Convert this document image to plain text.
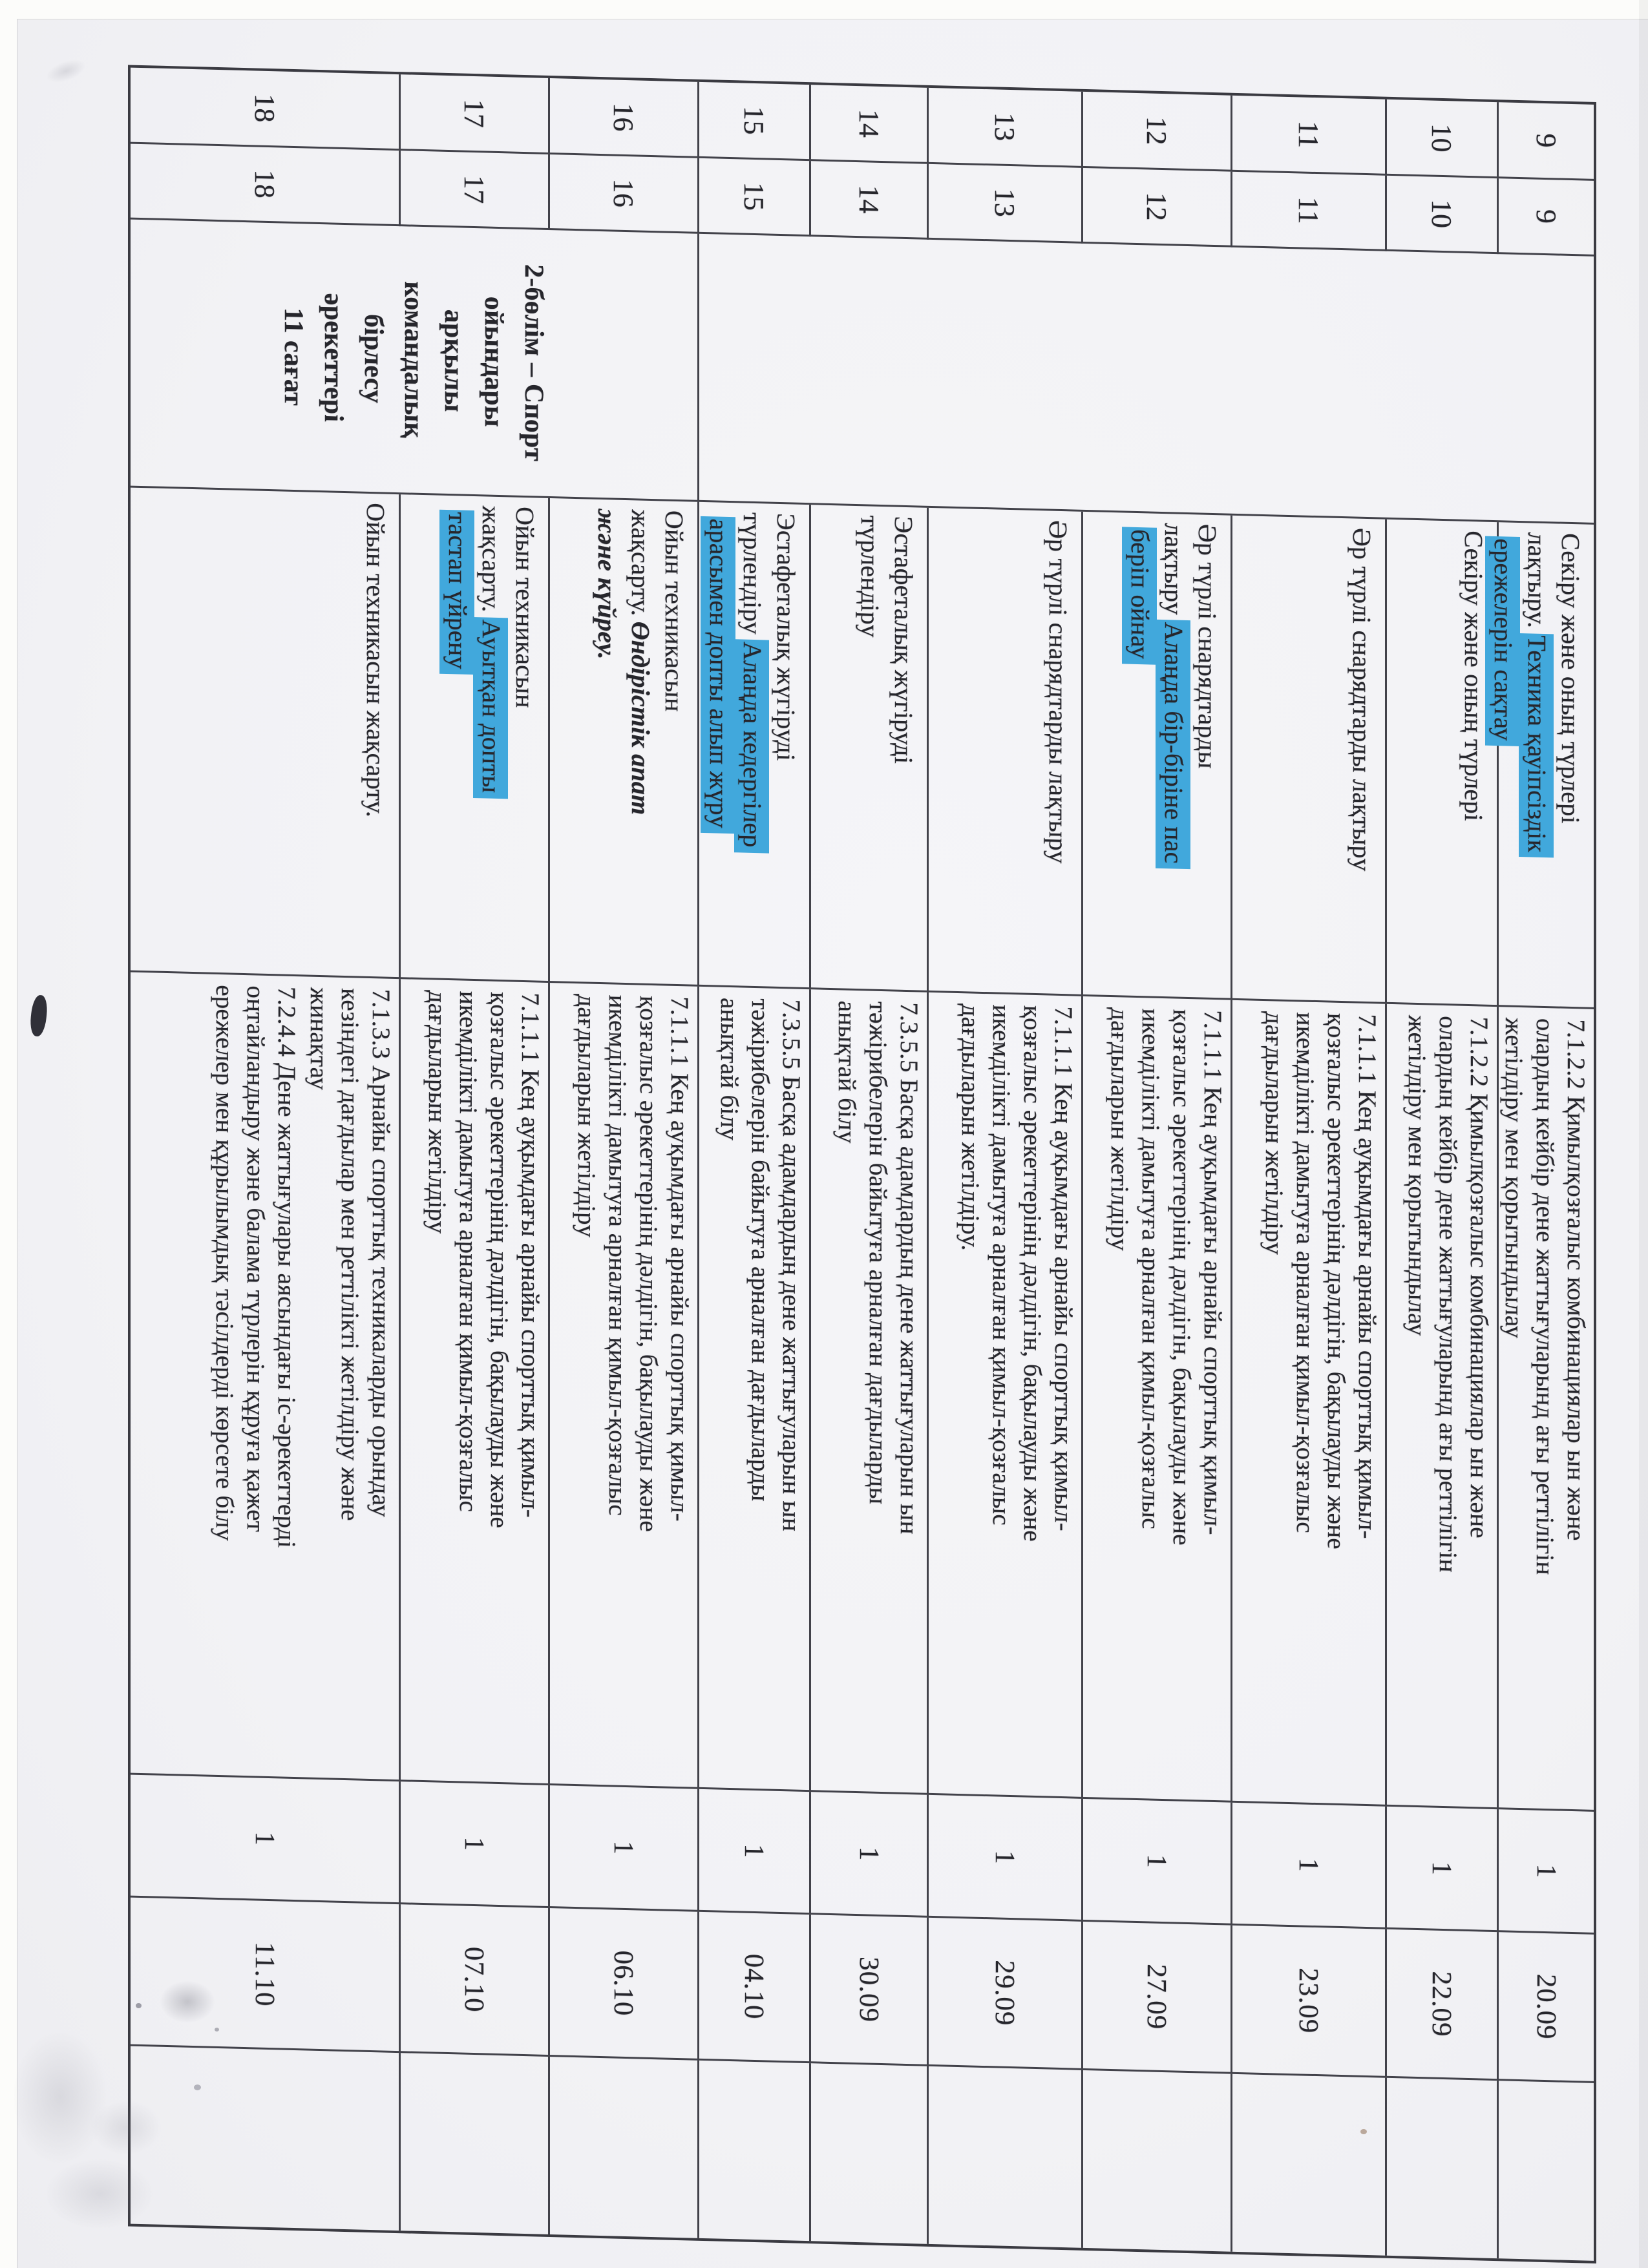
9
9
Секіру және оның түрлері лақтыру.Техника қауіпсіздік ережелерін сақтау
7.1.2.2 Қимылқозғалыс комбинациялар ын және олардың кейбір дене жаттығуларынд ағы реттілігін жетілдіру мен қорытындылау
1
20.09
10
10
Секіру және оның түрлері
7.1.2.2 Қимылқозғалыс комбинациялар ын және олардың кейбір дене жаттығуларынд ағы реттілігін жетілдіру мен қорытындылау
1
22.09
11
11
Әр түрлі снарядтарды лақтыру
7.1.1.1 Кең ауқымдағы арнайы спорттық қимыл-қозғалыс әрекеттерінің дәлдігін, бақылауды және икемділікті дамытуға арналған қимыл-қозғалыс дағдыларын жетілдіру
1
23.09
12
12
Әр түрлі снарядтарды лақтыруАлаңда бір-біріне пас беріп ойнау
7.1.1.1 Кең ауқымдағы арнайы спорттық қимыл-қозғалыс әрекеттерінің дәлдігін, бақылауды және икемділікті дамытуға арналған қимыл-қозғалыс дағдыларын жетілдіру
1
27.09
13
13
Әр түрлі снарядтарды лақтыру
7.1.1.1 Кең ауқымдағы арнайы спорттық қимыл-қозғалыс әрекеттерінің дәлдігін, бақылауды және икемділікті дамытуға арналған қимыл-қозғалыс дағдыларын жетілдіру.
1
29.09
14
14
Эстафеталық жүгіруді түрлендіру
7.3.5.5 Басқа адамдардың дене жаттығуларын ын тәжірибелерін байытуға арналған дағдыларды анықтай білу
1
30.09
15
15
Эстафеталық жүгіруді түрлендіруАлаңда кедергілер арасымен допты алып жүру
7.3.5.5 Басқа адамдардың дене жаттығуларын ын тәжірибелерін байытуға арналған дағдыларды анықтай білу
1
04.10
16
16
Ойын техникасын жақсарту.Өндірістік апат және күйреу.
7.1.1.1 Кең ауқымдағы арнайы спорттық қимыл-қозғалыс әрекеттерінің дәлдігін, бақылауды және икемділікті дамытуға арналған қимыл-қозғалыс дағдыларын жетілдіру
1
06.10
17
17
Ойын техникасын жақсарту.Ауытқан допты тастап үйрену
7.1.1.1 Кең ауқымдағы арнайы спорттық қимыл-қозғалыс әрекеттерінің дәлдігін, бақылауды және икемділікті дамытуға арналған қимыл-қозғалыс дағдыларын жетілдіру
1
07.10
18
18
Ойын техникасын жақсарту.
7.1.3.3 Арнайы спорттық техникаларды орындау кезіндегі дағдылар мен реттілікті жетілдіру және жинақтау
7.2.4.4 Дене жаттығулары аясындағы іс-әрекеттерді оңтайландыру және балама түрлерін құруға қажет ережелер мен құрылымдық тәсілдерді көрсете білу
1
11.10
2-бөлім – Спорт
ойындары
арқылы
командалық
бірлесу
әрекеттері
11 сағат
